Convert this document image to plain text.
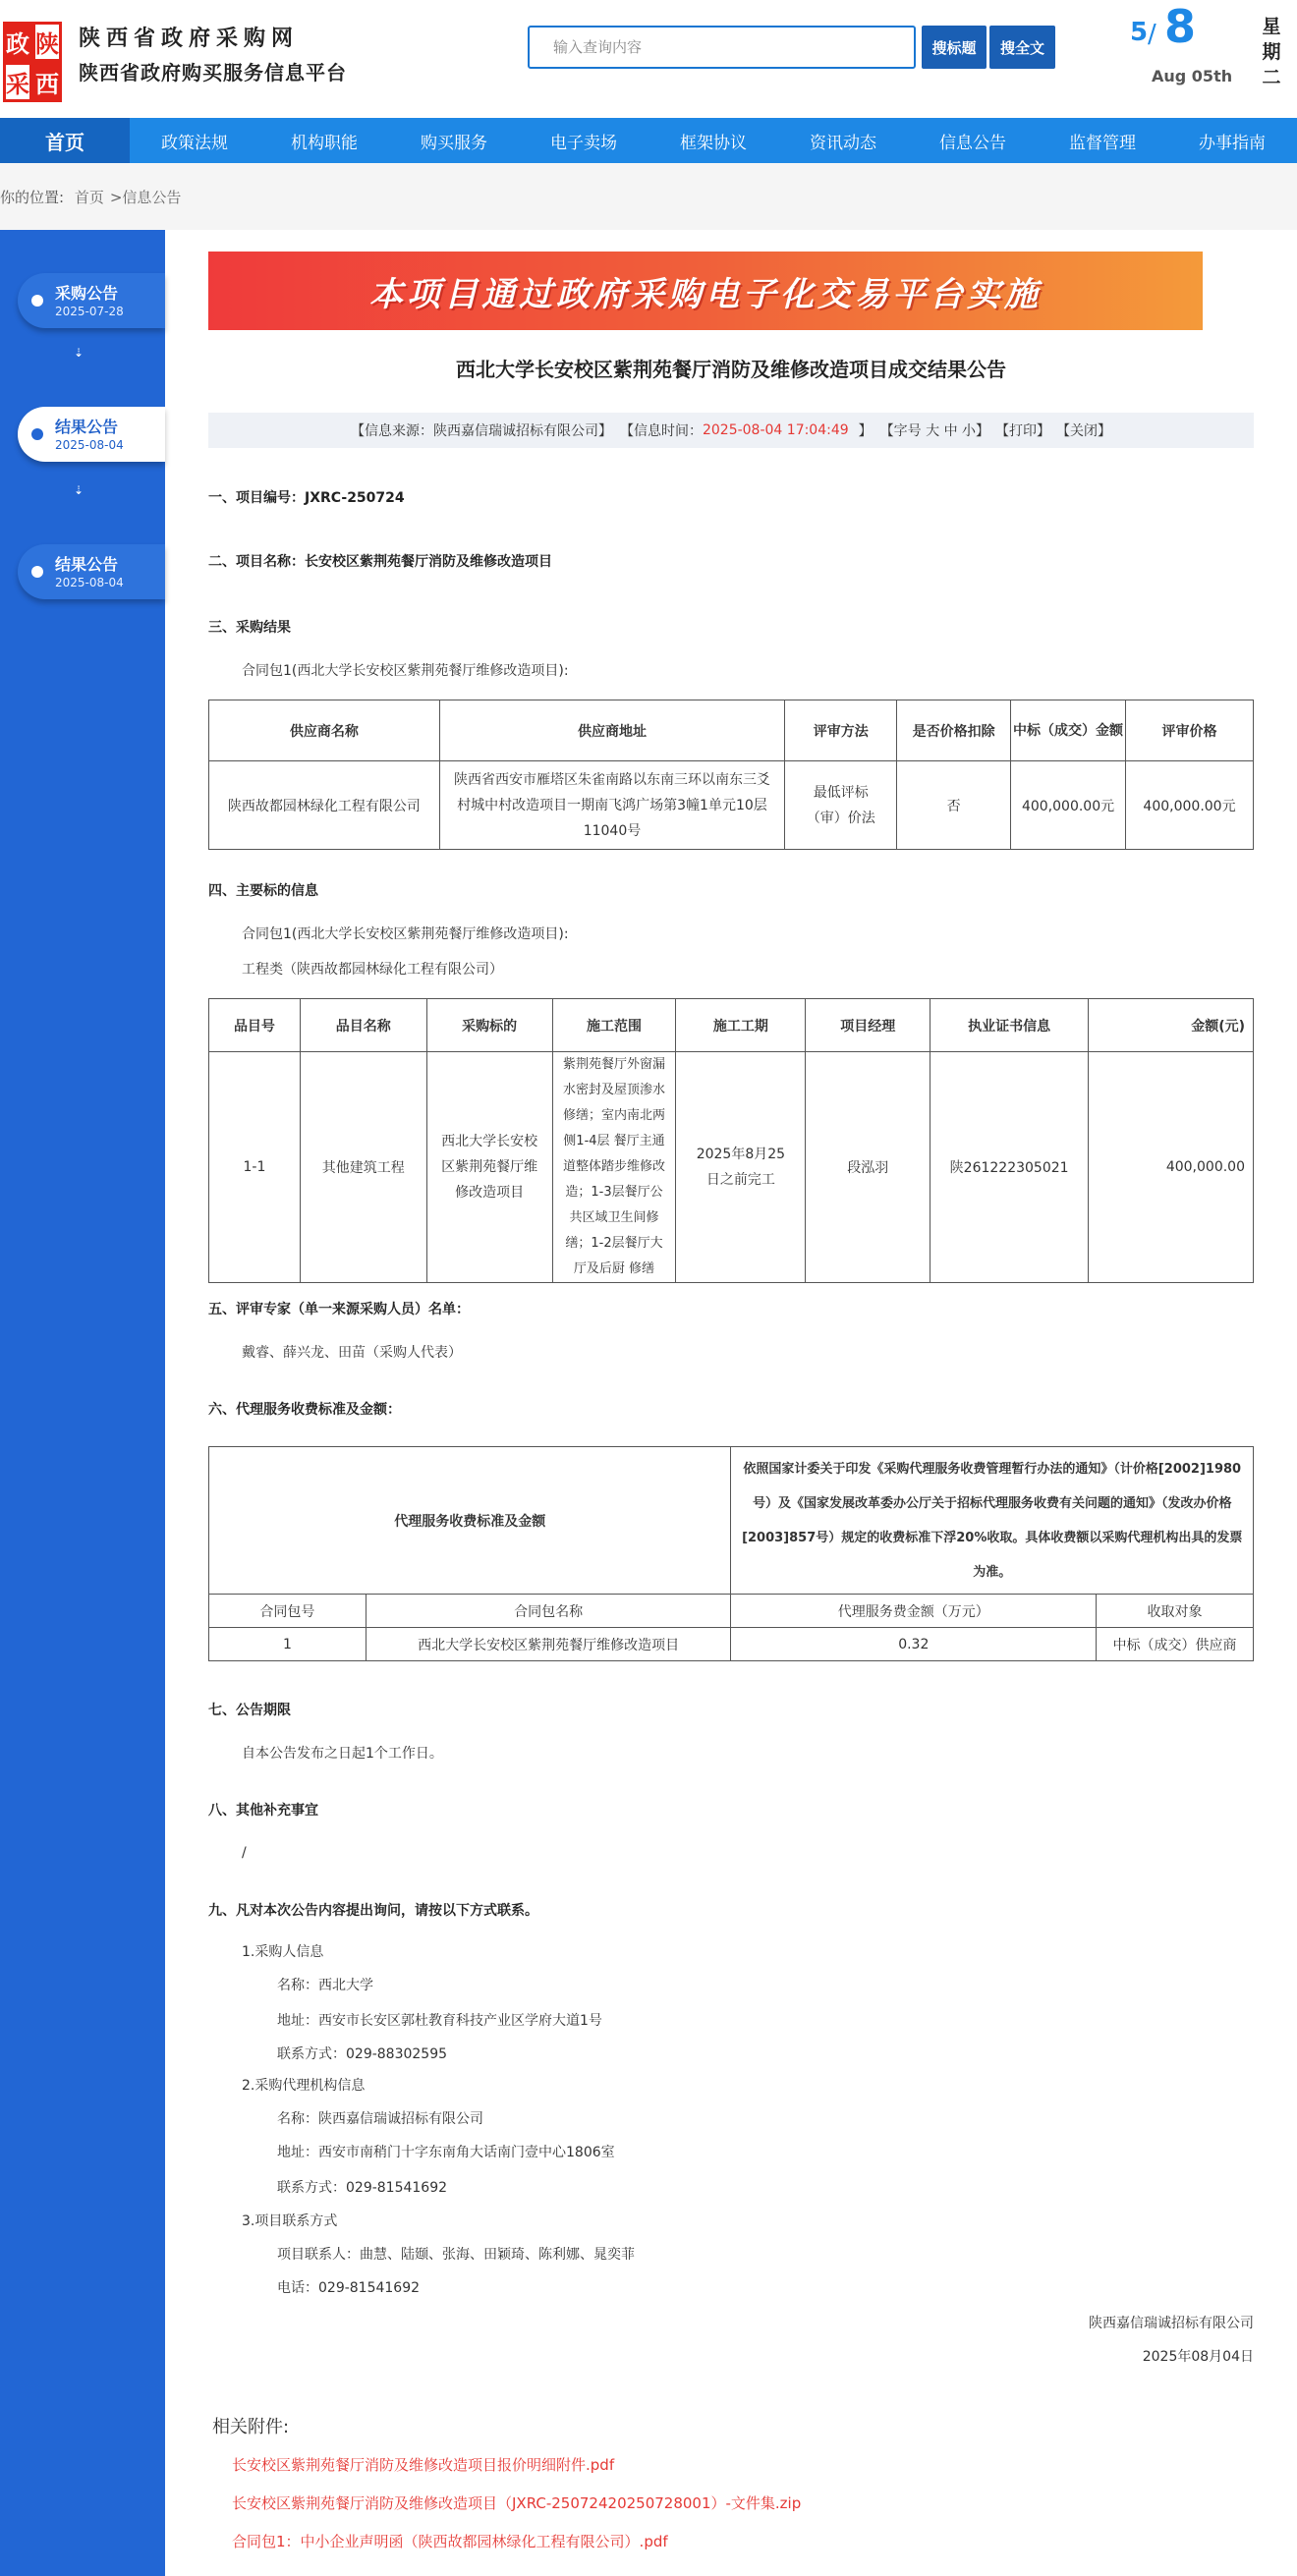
政 陕
采 西
陕西省政府采购网
陕西省政府购买服务信息平台
输入查询内容
搜标题	搜全文
5 / 8
Aug 05th
星期二
首页	政策法规	机构职能	购买服务	电子卖场	框架协议	资讯动态	信息公告	监督管理	办事指南
你的位置: 首页 >信息公告
采购公告
2025-07-28
⇣
结果公告
2025-08-04
⇣
结果公告
2025-08-04
本项目通过政府采购电子化交易平台实施
西北大学长安校区紫荆苑餐厅消防及维修改造项目成交结果公告
【信息来源： 陕西嘉信瑞诚招标有限公司 】 【信息时间： 2025-08-04 17:04:49 】 【字号 大 中 小】 【打印】 【关闭】
一、项目编号：JXRC-250724
二、项目名称：长安校区紫荆苑餐厅消防及维修改造项目
三、采购结果
合同包1(西北大学长安校区紫荆苑餐厅维修改造项目):
供应商名称	供应商地址	评审方法	是否价格扣除	中标（成交）金额	评审价格
陕西故都园林绿化工程有限公司	陕西省西安市雁塔区朱雀南路以东南三环以南东三爻村城中村改造项目一期南飞鸿广场第3幢1单元10层11040号	最低评标（审）价法	否	400,000.00元	400,000.00元
四、主要标的信息
合同包1(西北大学长安校区紫荆苑餐厅维修改造项目):
工程类（陕西故都园林绿化工程有限公司）
品目号	品目名称	采购标的	施工范围	施工工期	项目经理	执业证书信息	金额(元)
1-1	其他建筑工程	西北大学长安校区紫荆苑餐厅维修改造项目	紫荆苑餐厅外窗漏水密封及屋顶渗水修缮；室内南北两侧1-4层 餐厅主通道整体踏步维修改造；1-3层餐厅公共区域卫生间修缮；1-2层餐厅大厅及后厨 修缮	2025年8月25日之前完工	段泓羽	陕261222305021	400,000.00
五、评审专家（单一来源采购人员）名单：
戴睿、薛兴龙、田苗（采购人代表）
六、代理服务收费标准及金额：
代理服务收费标准及金额		依照国家计委关于印发《采购代理服务收费管理暂行办法的通知》（计价格[2002]1980号）及《国家发展改革委办公厅关于招标代理服务收费有关问题的通知》（发改办价格[2003]857号）规定的收费标准下浮20%收取。具体收费额以采购代理机构出具的发票为准。	
合同包号	合同包名称	代理服务费金额（万元）	收取对象
1	西北大学长安校区紫荆苑餐厅维修改造项目	0.32	中标（成交）供应商
七、公告期限
自本公告发布之日起1个工作日。
八、其他补充事宜
/
九、凡对本次公告内容提出询问，请按以下方式联系。
1.采购人信息
名称：西北大学
地址：西安市长安区郭杜教育科技产业区学府大道1号
联系方式：029-88302595
2.采购代理机构信息
名称：陕西嘉信瑞诚招标有限公司
地址：西安市南稍门十字东南角大话南门壹中心1806室
联系方式：029-81541692
3.项目联系方式
项目联系人：曲慧、陆颋、张海、田颖琦、陈利娜、晁奕菲
电话：029-81541692
陕西嘉信瑞诚招标有限公司
2025年08月04日
相关附件:
长安校区紫荆苑餐厅消防及维修改造项目报价明细附件.pdf
长安校区紫荆苑餐厅消防及维修改造项目（JXRC-25072420250728001）-文件集.zip
合同包1：中小企业声明函（陕西故都园林绿化工程有限公司）.pdf
